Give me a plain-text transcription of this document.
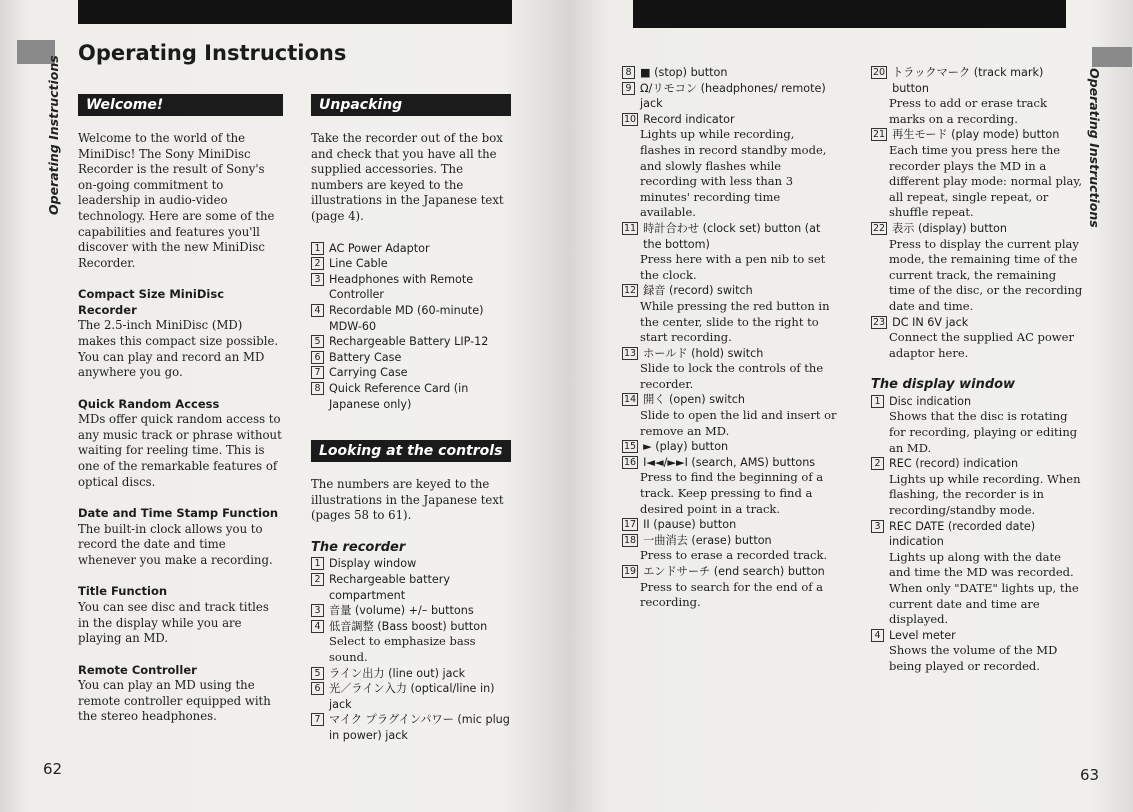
Operating Instructions
Operating Instructions
Welcome!

Welcome to the world of the MiniDisc! The Sony MiniDisc Recorder is the result of Sony's on-going commitment to leadership in audio-video technology. Here are some of the capabilities and features you'll discover with the new MiniDisc Recorder.

Compact Size MiniDisc Recorder

The 2.5-inch MiniDisc (MD) makes this compact size possible. You can play and record an MD anywhere you go.

Quick Random Access

MDs offer quick random access to any music track or phrase without waiting for reeling time. This is one of the remarkable features of optical discs.

Date and Time Stamp Function

The built-in clock allows you to record the date and time whenever you make a recording.

Title Function

You can see disc and track titles in the display while you are playing an MD.

Remote Controller

You can play an MD using the remote controller equipped with the stereo headphones.

Unpacking

Take the recorder out of the box and check that you have all the supplied accessories. The numbers are keyed to the illustrations in the Japanese text (page 4).

1 AC Power Adaptor
2 Line Cable
3 Headphones with Remote Controller
4 Recordable MD (60-minute) MDW-60
5 Rechargeable Battery LIP-12
6 Battery Case
7 Carrying Case
8 Quick Reference Card (in Japanese only)
Looking at the controls

The numbers are keyed to the illustrations in the Japanese text (pages 58 to 61).

The recorder
1 Display window
2 Rechargeable battery compartment
3 音量 (volume) +/– buttons
4 低音調整 (Bass boost) button
Select to emphasize bass sound.
5 ライン出力 (line out) jack
6 光／ライン入力 (optical/line in) jack
7 マイク プラグインパワー (mic plug in power) jack
62
Operating Instructions
8 ■ (stop) button
9 Ω/リモコン (headphones/ remote) jack
10 Record indicator
Lights up while recording, flashes in record standby mode, and slowly flashes while recording with less than 3 minutes' recording time available.
11 時計合わせ (clock set) button (at the bottom)
Press here with a pen nib to set the clock.
12 録音 (record) switch
While pressing the red button in the center, slide to the right to start recording.
13 ホールド (hold) switch
Slide to lock the controls of the recorder.
14 開く (open) switch
Slide to open the lid and insert or remove an MD.
15 ► (play) button
16 I◄◄/►►I (search, AMS) buttons
Press to find the beginning of a track. Keep pressing to find a desired point in a track.
17 II (pause) button
18 一曲消去 (erase) button
Press to erase a recorded track.
19 エンドサーチ (end search) button
Press to search for the end of a recording.
20 トラックマーク (track mark) button
Press to add or erase track marks on a recording.
21 再生モード (play mode) button
Each time you press here the recorder plays the MD in a different play mode: normal play, all repeat, single repeat, or shuffle repeat.
22 表示 (display) button
Press to display the current play mode, the remaining time of the current track, the remaining time of the disc, or the recording date and time.
23 DC IN 6V jack
Connect the supplied AC power adaptor here.
The display window
1 Disc indication
Shows that the disc is rotating for recording, playing or editing an MD.
2 REC (record) indication
Lights up while recording. When flashing, the recorder is in recording/standby mode.
3 REC DATE (recorded date) indication
Lights up along with the date and time the MD was recorded. When only "DATE" lights up, the current date and time are displayed.
4 Level meter
Shows the volume of the MD being played or recorded.
63
